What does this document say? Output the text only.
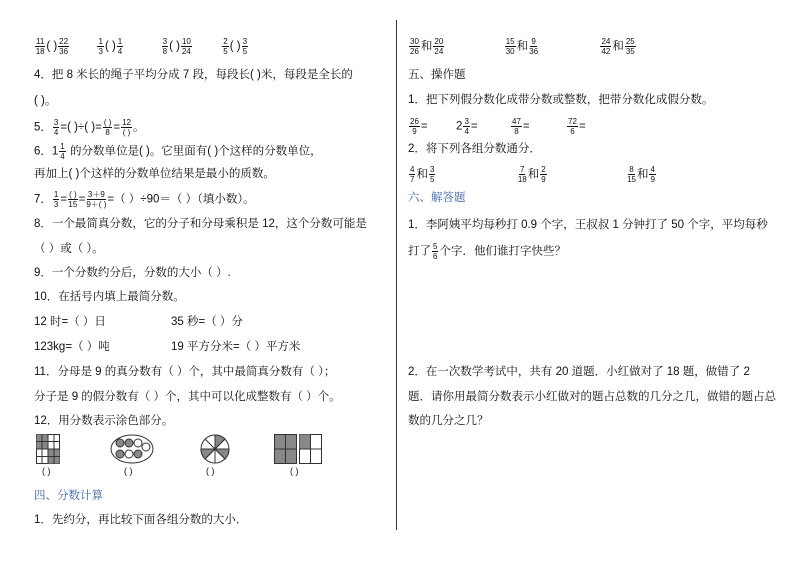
$\frac{11}{18}$ ( ) $\frac{22}{36}$
	$\frac{1}{3}$ ( ) $\frac{1}{4}$
	$\frac{3}{8}$ ( ) $\frac{10}{24}$
	$\frac{2}{5}$ ( ) $\frac{3}{5}$
4．把 8 米长的绳子平均分成 7 段，每段长( )米，每段是全长的
( )。
5． $\frac{3}{4}$ =( )÷( )= $\frac{( )}{8} = \frac{12}{( )}$ 。
6．$1 \frac{1}{4}$ 的分数单位是( )。它里面有( )个这样的分数单位，
再加上( )个这样的分数单位结果是最小的质数。
7． $\frac{1}{3} = \frac{( )}{15} = \frac{3+9}{9+( )}$ =（ ）÷90＝（ ）（填小数）。
8．一个最简真分数，它的分子和分母乘积是 12，这个分数可能是
（ ）或（ ）。
9．一个分数约分后，分数的大小（ ）.
10．在括号内填上最简分数。
12 时=（ ）日	35 秒=（ ）分
123kg=（ ）吨	19 平方分米=（ ）平方米
11．分母是 9 的真分数有（ ）个，其中最简真分数有（ ）；
分子是 9 的假分数有（ ）个，其中可以化成整数有（ ）个。
12．用分数表示涂色部分。
( )	( )	( )	( )
四、分数计算
1．先约分，再比较下面各组分数的大小．
$\frac{30}{26}$ 和 $\frac{20}{24}$
	$\frac{15}{30}$ 和 $\frac{9}{36}$
	$\frac{24}{42}$ 和 $\frac{25}{35}$
五、操作题
1．把下列假分数化成带分数或整数，把带分数化成假分数。
$\frac{26}{9} = 2 \frac{3}{4}$ =	$\frac{47}{8}$ =	$\frac{72}{6}$ =
2．将下列各组分数通分．
$\frac{4}{7}$ 和 $\frac{3}{5}$
	$\frac{7}{18}$ 和 $\frac{2}{9}$
	$\frac{8}{15}$ 和 $\frac{4}{9}$
六、解答题
1．李阿姨平均每秒打 0.9 个字，王叔叔 1 分钟打了 50 个字，平均每秒
打了 $\frac{5}{6}$ 个字．他们谁打字快些？
2．在一次数学考试中，共有 20 道题．小红做对了 18 题，做错了 2
题．请你用最简分数表示小红做对的题占总数的几分之几，做错的题占总
数的几分之几？
